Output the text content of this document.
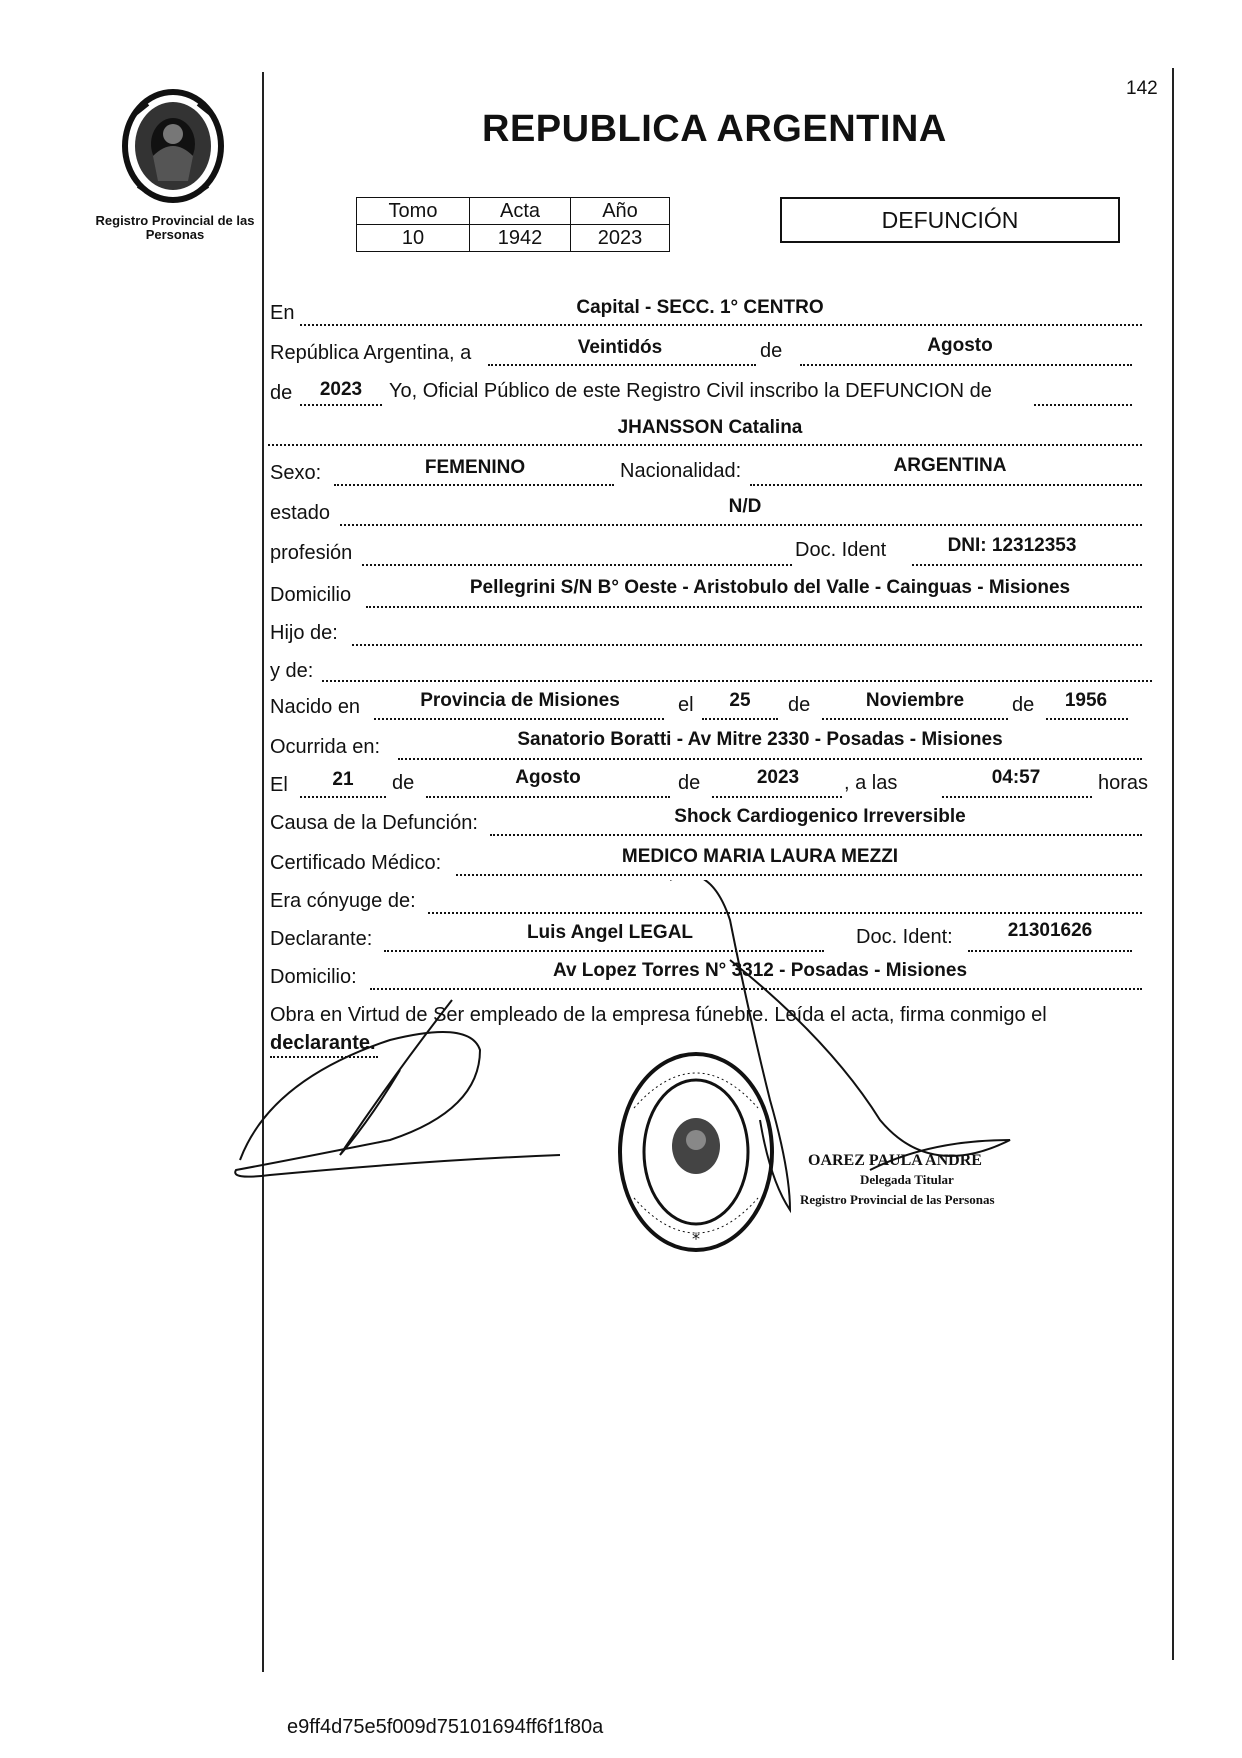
142
Registro Provincial de las Personas
REPUBLICA ARGENTINA
Tomo	Acta	Año
10	1942	2023
DEFUNCIÓN
En	Capital - SECC. 1° CENTRO
República Argentina, a	Veintidós	de	Agosto
de	2023	Yo, Oficial Público de este Registro Civil inscribo la DEFUNCION de
JHANSSON Catalina
Sexo:	FEMENINO	Nacionalidad:	ARGENTINA
estado	N/D
profesión	Doc. Ident	DNI: 12312353
Domicilio	Pellegrini S/N B° Oeste - Aristobulo del Valle - Cainguas - Misiones
Hijo de:
y de:
Nacido en	Provincia de Misiones	el	25	de	Noviembre	de	1956
Ocurrida en:	Sanatorio Boratti - Av Mitre 2330 - Posadas - Misiones
El	21	de	Agosto	de	2023	, a las	04:57	horas
Causa de la Defunción:	Shock Cardiogenico Irreversible
Certificado Médico:	MEDICO MARIA LAURA MEZZI
Era cónyuge de:
Declarante:	Luis Angel LEGAL	Doc. Ident:	21301626
Domicilio:	Av Lopez Torres N° 3312 - Posadas - Misiones
Obra en Virtud de Ser empleado de la empresa fúnebre. Leída el acta, firma conmigo el
declarante.
*
OAREZ PAULA ANDRE
Delegada Titular
Registro Provincial de las Personas
e9ff4d75e5f009d75101694ff6f1f80a
